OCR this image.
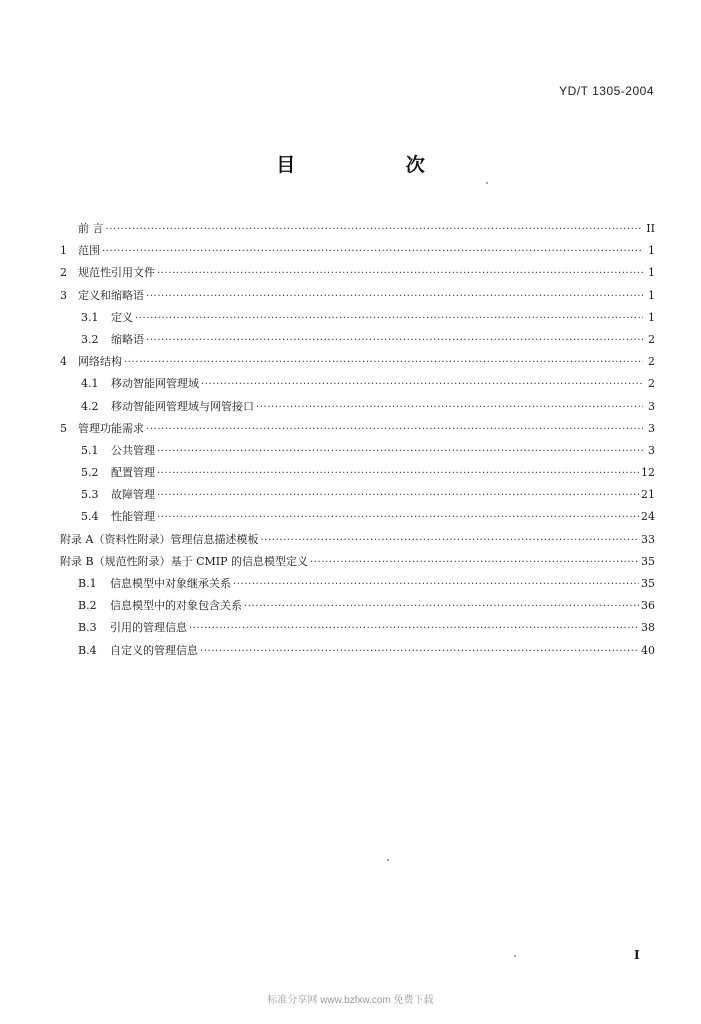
YD/T 1305-2004
目 次
前 言 ·····	II
1	范围 ·····	1
2	规范性引用文件 ·····	1
3	定义和缩略语 ·····	1
3.1	定义 ·····	1
3.2	缩略语 ·····	2
4	网络结构 ·····	2
4.1	移动智能网管理域 ·····	2
4.2	移动智能网管理域与网管接口 ·····	3
5	管理功能需求 ·····	3
5.1	公共管理 ·····	3
5.2	配置管理 ·····	12
5.3	故障管理 ·····	21
5.4	性能管理 ·····	24
附录 A（资料性附录）管理信息描述模板 ·····	33
附录 B（规范性附录）基于 CMIP 的信息模型定义 ·····	35
B.1	信息模型中对象继承关系 ·····	35
B.2	信息模型中的对象包含关系 ·····	36
B.3	引用的管理信息 ·····	38
B.4	自定义的管理信息 ·····	40
I
标准分享网 www.bzfxw.com 免费下载
